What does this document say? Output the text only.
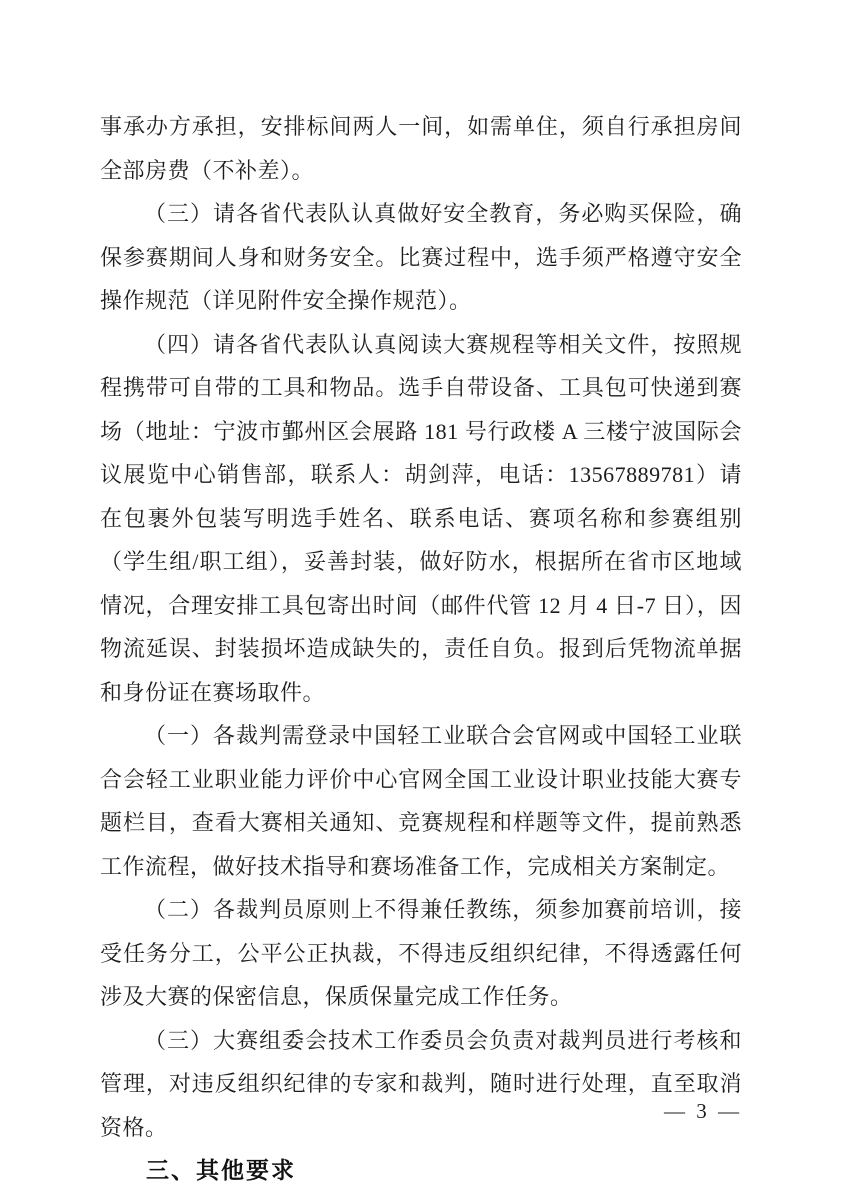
事承办方承担，安排标间两人一间，如需单住，须自行承担房间全部房费（不补差）。

（三）请各省代表队认真做好安全教育，务必购买保险，确保参赛期间人身和财务安全。比赛过程中，选手须严格遵守安全操作规范（详见附件安全操作规范）。

（四）请各省代表队认真阅读大赛规程等相关文件，按照规程携带可自带的工具和物品。选手自带设备、工具包可快递到赛场（地址：宁波市鄞州区会展路 181 号行政楼 A 三楼宁波国际会议展览中心销售部，联系人：胡剑萍，电话：13567889781）请在包裹外包装写明选手姓名、联系电话、赛项名称和参赛组别（学生组/职工组），妥善封装，做好防水，根据所在省市区地域情况，合理安排工具包寄出时间（邮件代管 12 月 4 日-7 日），因物流延误、封装损坏造成缺失的，责任自负。报到后凭物流单据和身份证在赛场取件。

（一）各裁判需登录中国轻工业联合会官网或中国轻工业联合会轻工业职业能力评价中心官网全国工业设计职业技能大赛专题栏目，查看大赛相关通知、竞赛规程和样题等文件，提前熟悉工作流程，做好技术指导和赛场准备工作，完成相关方案制定。

（二）各裁判员原则上不得兼任教练，须参加赛前培训，接受任务分工，公平公正执裁，不得违反组织纪律，不得透露任何涉及大赛的保密信息，保质保量完成工作任务。

（三）大赛组委会技术工作委员会负责对裁判员进行考核和管理，对违反组织纪律的专家和裁判，随时进行处理，直至取消资格。

三、其他要求
— 3 —
